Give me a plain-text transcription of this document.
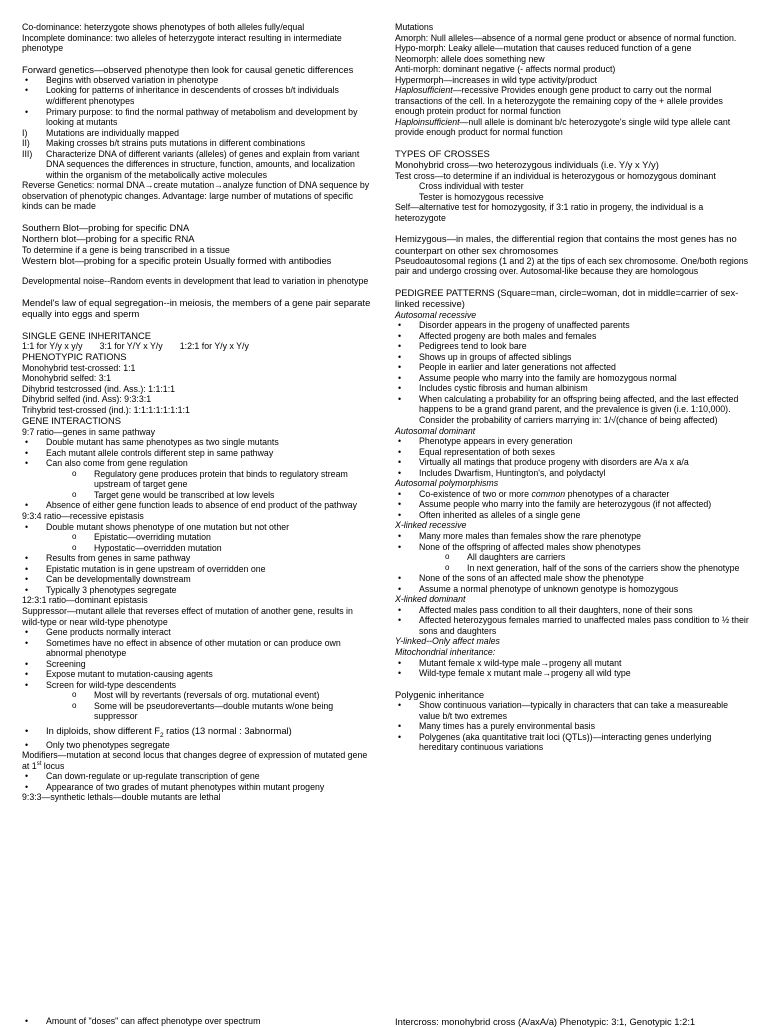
Co-dominance: heterzygote shows phenotypes of both alleles fully/equal

Incomplete dominance: two alleles of heterzygote interact resulting in intermediate phenotype

Forward genetics—observed phenotype then look for causal genetic differences

• Begins with observed variation in phenotype
• Looking for patterns of inheritance in descendents of crosses b/t individuals w/different phenotypes
• Primary purpose: to find the normal pathway of metabolism and development by looking at mutants
I) Mutations are individually mapped
II) Making crosses b/t strains puts mutations in different combinations
III) Characterize DNA of different variants (alleles) of genes and explain from variant DNA sequences the differences in structure, function, amounts, and localization within the organism of the metabolically active molecules

Reverse Genetics: normal DNA→create mutation→analyze function of DNA sequence by observation of phenotypic changes. Advantage: large number of mutations of specific kinds can be made

Southern Blot—probing for specific DNA

Northern blot—probing for a specific RNA

To determine if a gene is being transcribed in a tissue

Western blot—probing for a specific protein Usually formed with antibodies

Developmental noise--Random events in development that lead to variation in phenotype

Mendel's law of equal segregation--in meiosis, the members of a gene pair separate equally into eggs and sperm

SINGLE GENE INHERITANCE

1:1 for Y/y x y/y       3:1 for Y/Y x Y/y       1:2:1 for Y/y x Y/y

PHENOTYPIC RATIONS

Monohybrid test-crossed: 1:1

Monohybrid selfed: 3:1

Dihybrid testcrossed (ind. Ass.): 1:1:1:1

Dihybrid selfed (ind. Ass): 9:3:3:1

Trihybrid test-crossed (ind.): 1:1:1:1:1:1:1:1

GENE INTERACTIONS

9:7 ratio—genes in same pathway

• Double mutant has same phenotypes as two single mutants
• Each mutant allele controls different step in same pathway
• Can also come from gene regulation
o Regulatory gene produces protein that binds to regulatory stream upstream of target gene
o Target gene would be transcribed at low levels
• Absence of either gene function leads to absence of end product of the pathway

9:3:4 ratio—recessive epistasis

• Double mutant shows phenotype of one mutation but not other
o Epistatic—overriding mutation
o Hypostatic—overridden mutation
• Results from genes in same pathway
• Epistatic mutation is in gene upstream of overridden one
• Can be developmentally downstream
• Typically 3 phenotypes segregate

12:3:1 ratio—dominant epistasis

Suppressor—mutant allele that reverses effect of mutation of another gene, results in wild-type or near wild-type phenotype

• Gene products normally interact
• Sometimes have no effect in absence of other mutation or can produce own abnormal phenotype
• Screening
• Expose mutant to mutation-causing agents
• Screen for wild-type descendents
o Most will by revertants (reversals of org. mutational event)
o Some will be pseudorevertants—double mutants w/one being suppressor
• In diploids, show different $F_2$ ratios (13 normal : 3abnormal)
• Only two phenotypes segregate

Modifiers—mutation at second locus that changes degree of expression of mutated gene at 1st locus

• Can down-regulate or up-regulate transcription of gene
• Appearance of two grades of mutant phenotypes within mutant progeny

9:3:3—synthetic lethals—double mutants are lethal

• Amount of "doses" can affect phenotype over spectrum

Mutations

Amorph: Null alleles—absence of a normal gene product or absence of normal function.

Hypo-morph: Leaky allele—mutation that causes reduced function of a gene

Neomorph: allele does something new

Anti-morph: dominant negative (- affects normal product)

Hypermorph—increases in wild type activity/product

Haplosufficient—recessive Provides enough gene product to carry out the normal transactions of the cell. In a heterozygote the remaining copy of the + allele provides enough protein product for normal function

Haploinsufficient—null allele is dominant b/c heterozygote's single wild type allele cant provide enough product for normal function

TYPES OF CROSSES

Monohybrid cross—two heterozygous individuals (i.e. Y/y x Y/y)

Test cross—to determine if an individual is heterozygous or homozygous dominant

Cross individual with tester

Tester is homozygous recessive

Self—alternative test for homozygosity, if 3:1 ratio in progeny, the individual is a heterozygote

Hemizygous—in males, the differential region that contains the most genes has no counterpart on other sex chromosomes

Pseudoautosomal regions (1 and 2) at the tips of each sex chromosome. One/both regions pair and undergo crossing over. Autosomal-like because they are homologous

PEDIGREE PATTERNS (Square=man, circle=woman, dot in middle=carrier of sex-linked recessive)

Autosomal recessive

• Disorder appears in the progeny of unaffected parents
• Affected progeny are both males and females
• Pedigrees tend to look bare
• Shows up in groups of affected siblings
• People in earlier and later generations not affected
• Assume people who marry into the family are homozygous normal
• Includes cystic fibrosis and human albinism
• When calculating a probability for an offspring being affected, and the last effected happens to be a grand grand parent, and the prevalence is given (i.e. 1:10,000). Consider the probability of carriers marrying in: 1/√(chance of being affected)

Autosomal dominant

• Phenotype appears in every generation
• Equal representation of both sexes
• Virtually all matings that produce progeny with disorders are A/a x a/a
• Includes Dwarfism, Huntington's, and polydactyl

Autosomal polymorphisms

• Co-existence of two or more common phenotypes of a character
• Assume people who marry into the family are heterozygous (if not affected)
• Often inherited as alleles of a single gene

X-linked recessive

• Many more males than females show the rare phenotype
• None of the offspring of affected males show phenotypes
o All daughters are carriers
o In next generation, half of the sons of the carriers show the phenotype
• None of the sons of an affected male show the phenotype
• Assume a normal phenotype of unknown genotype is homozygous

X-linked dominant

• Affected males pass condition to all their daughters, none of their sons
• Affected heterozygous females married to unaffected males pass condition to ½ their sons and daughters

Y-linked--Only affect males

Mitochondrial inheritance:

• Mutant female x wild-type male→progeny all mutant
• Wild-type female x mutant male→progeny all wild type

Polygenic inheritance

• Show continuous variation—typically in characters that can take a measureable value b/t two extremes
• Many times has a purely environmental basis
• Polygenes (aka quantitative trait loci (QTLs))—interacting genes underlying hereditary continuous variations
Intercross: monohybrid cross (A/axA/a) Phenotypic: 3:1, Genotypic 1:2:1
